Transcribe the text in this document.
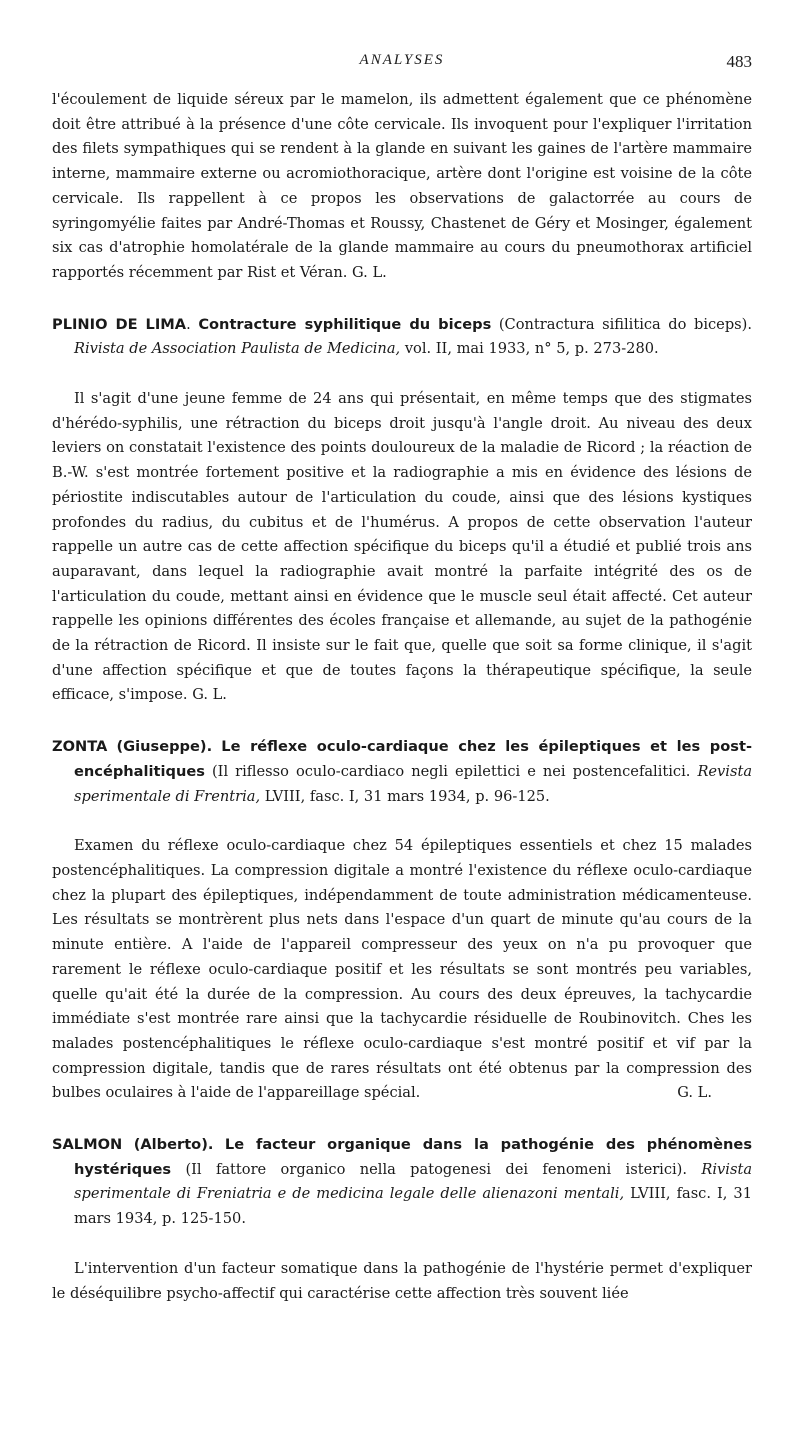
ANALYSES	483

l'écoulement de liquide séreux par le mamelon, ils admettent également que ce phénomène doit être attribué à la présence d'une côte cervicale. Ils invoquent pour l'expliquer l'irritation des filets sympathiques qui se rendent à la glande en suivant les gaines de l'artère mammaire interne, mammaire externe ou acromiothoracique, artère dont l'origine est voisine de la côte cervicale. Ils rappellent à ce propos les observations de galactorrée au cours de syringomyélie faites par André-Thomas et Roussy, Chastenet de Géry et Mosinger, également six cas d'atrophie homolatérale de la glande mammaire au cours du pneumothorax artificiel rapportés récemment par Rist et Véran. G. L.

PLINIO DE LIMA. Contracture syphilitique du biceps (Contractura sifilitica do biceps). Rivista de Association Paulista de Medicina, vol. II, mai 1933, n° 5, p. 273-280.

Il s'agit d'une jeune femme de 24 ans qui présentait, en même temps que des stigmates d'hérédo-syphilis, une rétraction du biceps droit jusqu'à l'angle droit. Au niveau des deux leviers on constatait l'existence des points douloureux de la maladie de Ricord ; la réaction de B.-W. s'est montrée fortement positive et la radiographie a mis en évidence des lésions de périostite indiscutables autour de l'articulation du coude, ainsi que des lésions kystiques profondes du radius, du cubitus et de l'humérus. A propos de cette observation l'auteur rappelle un autre cas de cette affection spécifique du biceps qu'il a étudié et publié trois ans auparavant, dans lequel la radiographie avait montré la parfaite intégrité des os de l'articulation du coude, mettant ainsi en évidence que le muscle seul était affecté. Cet auteur rappelle les opinions différentes des écoles française et allemande, au sujet de la pathogénie de la rétraction de Ricord. Il insiste sur le fait que, quelle que soit sa forme clinique, il s'agit d'une affection spécifique et que de toutes façons la thérapeutique spécifique, la seule efficace, s'impose. G. L.

ZONTA (Giuseppe). Le réflexe oculo-cardiaque chez les épileptiques et les post-encéphalitiques (Il riflesso oculo-cardiaco negli epilettici e nei postencefalitici. Revista sperimentale di Frentria, LVIII, fasc. I, 31 mars 1934, p. 96-125.

Examen du réflexe oculo-cardiaque chez 54 épileptiques essentiels et chez 15 malades postencéphalitiques. La compression digitale a montré l'existence du réflexe oculo-cardiaque chez la plupart des épileptiques, indépendamment de toute administration médicamenteuse. Les résultats se montrèrent plus nets dans l'espace d'un quart de minute qu'au cours de la minute entière. A l'aide de l'appareil compresseur des yeux on n'a pu provoquer que rarement le réflexe oculo-cardiaque positif et les résultats se sont montrés peu variables, quelle qu'ait été la durée de la compression. Au cours des deux épreuves, la tachycardie immédiate s'est montrée rare ainsi que la tachycardie résiduelle de Roubinovitch. Ches les malades postencéphalitiques le réflexe oculo-cardiaque s'est montré positif et vif par la compression digitale, tandis que de rares résultats ont été obtenus par la compression des bulbes oculaires à l'aide de l'appareillage spécial.	G. L.

SALMON (Alberto). Le facteur organique dans la pathogénie des phénomènes hystériques (Il fattore organico nella patogenesi dei fenomeni isterici). Rivista sperimentale di Freniatria e de medicina legale delle alienazoni mentali, LVIII, fasc. I, 31 mars 1934, p. 125-150.

L'intervention d'un facteur somatique dans la pathogénie de l'hystérie permet d'expliquer le déséquilibre psycho-affectif qui caractérise cette affection très souvent liée
